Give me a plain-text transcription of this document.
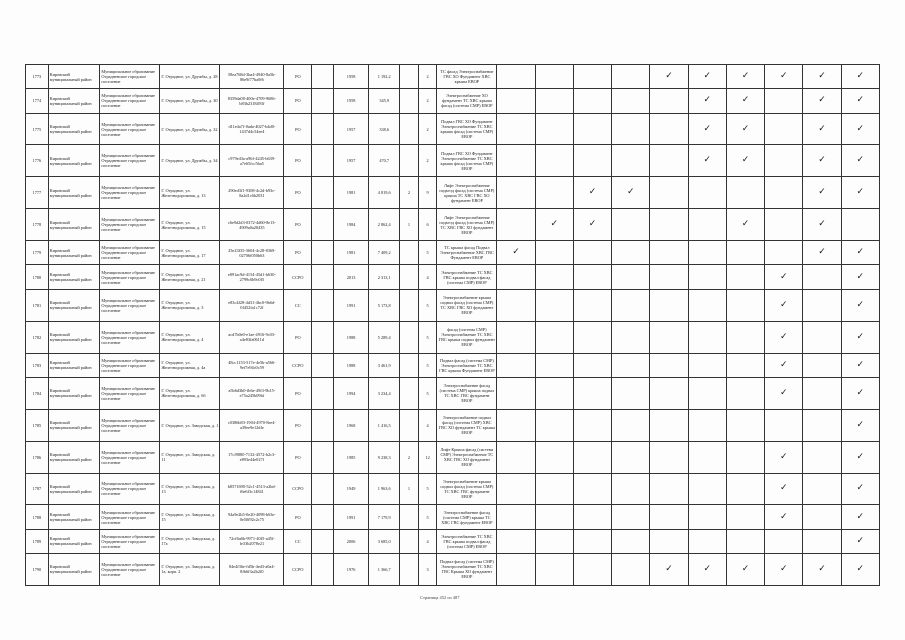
1773	Кировский муниципальный район	Муниципальное образование Отрадненское городское поселение	Г. Отрадное, ул. Дружбы, д. 28	58ea768d-3ba4-4940-8a5b-86e9f77ba0f6	PO		1958	1 192,2		2	ТС фасад Электроснабжение ГВС ХО Фундамент ХВС крыша ЕВОР					✓	✓	✓	✓	✓	✓
1774	Кировский муниципальный район	Муниципальное образование Отрадненское городское поселение	Г. Отрадное, ул. Дружбы, д. 30	8359da08-400e-4709-9686-b83b2318493f	PO		1958	345,9		2	Электроснабжение ХО фундамент ТС ХВС крыша фасад (система СМР) ЕВОР						✓	✓		✓	✓
1775	Кировский муниципальный район	Муниципальное образование Отрадненское городское поселение	Г. Отрадное, ул. Дружбы, д. 32	d11e4a7f-0ada-4027-b4d0-1437d4c54ee4	PO		1957	338,6		2	Подвал ГВС ХО Фундамент Электроснабжение ТС ХВС крыша фасад (система СМР) ЕВОР						✓	✓		✓	✓
1776	Кировский муниципальный район	Муниципальное образование Отрадненское городское поселение	Г. Отрадное, ул. Дружбы, д. 34	c979e43a-a96f-4245-b639-a7e65fcc5ba5	PO		1957	470,7		2	Подвал ГВС ХО Фундамент Электроснабжение ТС ХВС крыша фасад (система СМР) ЕВОР						✓	✓		✓	✓
1777	Кировский муниципальный район	Муниципальное образование Отрадненское городское поселение	Г. Отрадное, ул. Железнодорожная, д. 13	290ed3f1-9308-4c2d-b93c-8a2d1c6b2031	PO		1981	4 819,6	2	9	Лифт Электроснабжение подъезд фасад (система СМР) крыша ТС ХВС ГВС ХО фундамент ЕВОР			✓	✓					✓	✓
1778	Кировский муниципальный район	Муниципальное образование Отрадненское городское поселение	Г. Отрадное, ул. Железнодорожная, д. 15	c6e9d2d3-0372-4d60-8e13-4909a0a20435	PO		1984	2 862,4	1	6	Лифт Электроснабжение подъезд фасад (система СМР) ТС ХВС ГВС ХО фундамент ЕВОР		✓	✓				✓		✓	
1779	Кировский муниципальный район	Муниципальное образование Отрадненское городское поселение	Г. Отрадное, ул. Железнодорожная, д. 17	25e23f35-3604-4c28-8369-02706f050b63	PO		1981	7 409,2		5	ТС крыша фасад Подвал Электроснабжение ХВС ГВС Фундамент ЕВОР	✓								✓	✓
1780	Кировский муниципальный район	Муниципальное образование Отрадненское городское поселение	Г. Отрадное, ул. Железнодорожная, д. 21	e891ac9d-4154-45d1-b630-2799c6b9c0f5	CCPO		2013	2 313,1		4	Электроснабжение ТС ХВС ГВС крыша подвал фасад (система СМР) ЕВОР								✓		✓
1781	Кировский муниципальный район	Муниципальное образование Отрадненское городское поселение	Г. Отрадное, ул. Железнодорожная, д. 3	e83c4f28-4d31-4bc0-9b6d-0f452fa1c72f	CC		1991	5 173,8		5	Электроснабжение крыша подвал фасад (система СМР) ТС ХВС ГВС ХО фундамент ЕВОР								✓		✓
1782	Кировский муниципальный район	Муниципальное образование Отрадненское городское поселение	Г. Отрадное, ул. Железнодорожная, д. 4	acd7b0e0-e1ae-4916-9c03-a4e83fa0611d	PO		1988	5 289,4		5	фасад (система СМР) Электроснабжение ТС ХВС ГВС крыша подвал фундамент ЕВОР								✓		✓
1783	Кировский муниципальный район	Муниципальное образование Отрадненское городское поселение	Г. Отрадное, ул. Железнодорожная, д. 4а	48cc1153-517e-4e5b-a566-9ef7e94c0c59	CCPO		1988	3 461,9		5	Подвал фасад (система СМР) Электроснабжение ТС ХВС ГВС крыша Фундамент ЕВОР								✓		✓
1784	Кировский муниципальный район	Муниципальное образование Отрадненское городское поселение	Г. Отрадное, ул. Железнодорожная, д. 6б	a5b6d3b0-fb6e-49f3-9b15-e75a245b09bf	PO		1994	3 234,4		5	Электроснабжение фасад (система СМР) крыша подвал ТС ХВС ГВС фундамент ЕВОР								✓		✓
1785	Кировский муниципальный район	Муниципальное образование Отрадненское городское поселение	Г. Отрадное, ул. Заводская, д. 1	c0386b83-1904-4970-8ee4-a39ee9e12dfe	PO		1968	1 416,5		4	Электроснабжение подвал фасад (система СМР) ХВС ГВС ХО фундамент ТС крыша ЕВОР										✓
1786	Кировский муниципальный район	Муниципальное образование Отрадненское городское поселение	Г. Отрадное, ул. Заводская, д. 11	17cf9880-7132-4572-b2c3-e893e44e027f	PO		1985	9 238,3	2	12	Лифт Крыша фасад (система СМР) Электроснабжение ТС ХВС ГВС ХО фундамент ЕВОР								✓		✓
1787	Кировский муниципальный район	Муниципальное образование Отрадненское городское поселение	Г. Отрадное, ул. Заводская, д. 13	b8571690-52c1-4513-a2bd-f6e6f3c14841	CCPO		1949	1 963,6	1	5	Электроснабжение крыша подвал фасад (система СМР) ТС ХВС ГВС фундамент ЕВОР								✓		✓
1788	Кировский муниципальный район	Муниципальное образование Отрадненское городское поселение	Г. Отрадное, ул. Заводская, д. 15	94a9e2b5-0e20-4098-b63e-0e50f92c2c75	PO		1991	7 179,9		5	Электроснабжение фасад (система СМР) крыша ТС ХВС ГВС фундамент ЕВОР								✓		✓
1789	Кировский муниципальный район	Муниципальное образование Отрадненское городское поселение	Г. Отрадное, ул. Заводская, д. 17а	72cf6a6b-9971-40f5-a45f-fe33b2078e21	CC		2006	3 685,0		4	Электроснабжение ТС ХВС ГВС крыша подвал фасад (система СМР) ЕВОР										✓
1790	Кировский муниципальный район	Муниципальное образование Отрадненское городское поселение	Г. Отрадное, ул. Заводская, д. 1а, корп. 2	84e4f36e-fd5b-4ed3-a0a4-8fb6f3a2b2f0	CCPO		1976	1 366,7		3	Подвал фасад (система СМР) Электроснабжение ТС ХВС ГВС Крыша ХО фундамент ЕВОР					✓	✓	✓	✓	✓	✓
Страница 452 из 487
